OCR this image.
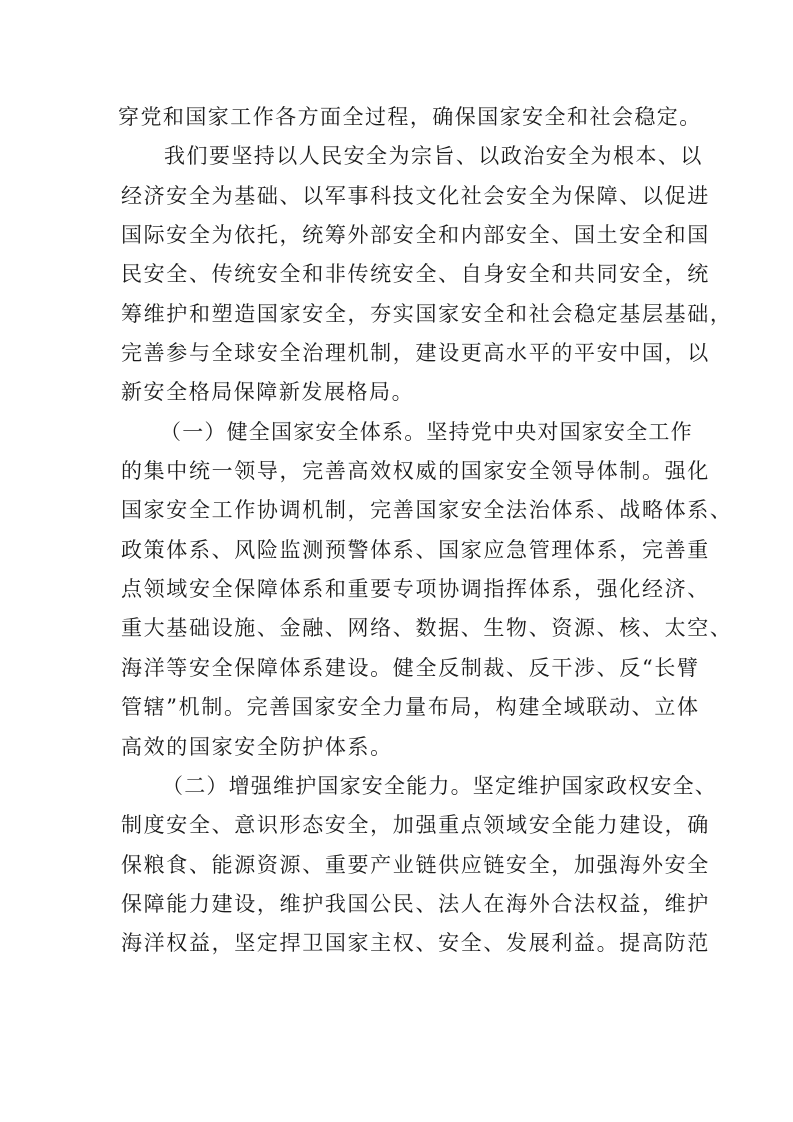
穿党和国家工作各方面全过程，确保国家安全和社会稳定。
我们要坚持以人民安全为宗旨、以政治安全为根本、以
经济安全为基础、以军事科技文化社会安全为保障、以促进
国际安全为依托，统筹外部安全和内部安全、国土安全和国
民安全、传统安全和非传统安全、自身安全和共同安全，统
筹维护和塑造国家安全，夯实国家安全和社会稳定基层基础，
完善参与全球安全治理机制，建设更高水平的平安中国，以
新安全格局保障新发展格局。
（一）健全国家安全体系。坚持党中央对国家安全工作
的集中统一领导，完善高效权威的国家安全领导体制。强化
国家安全工作协调机制，完善国家安全法治体系、战略体系、
政策体系、风险监测预警体系、国家应急管理体系，完善重
点领域安全保障体系和重要专项协调指挥体系，强化经济、
重大基础设施、金融、网络、数据、生物、资源、核、太空、
海洋等安全保障体系建设。健全反制裁、反干涉、反“长臂
管辖”机制。完善国家安全力量布局，构建全域联动、立体
高效的国家安全防护体系。
（二）增强维护国家安全能力。坚定维护国家政权安全、
制度安全、意识形态安全，加强重点领域安全能力建设，确
保粮食、能源资源、重要产业链供应链安全，加强海外安全
保障能力建设，维护我国公民、法人在海外合法权益，维护
海洋权益，坚定捍卫国家主权、安全、发展利益。提高防范
